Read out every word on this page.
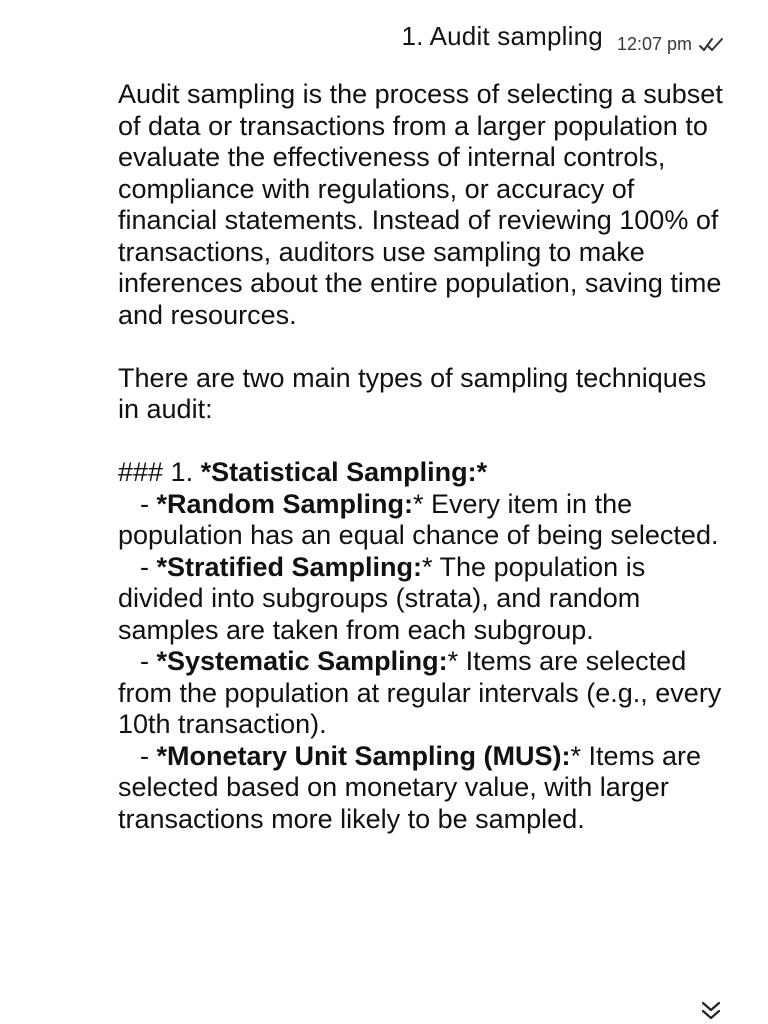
1. Audit sampling 12:07 pm

Audit sampling is the process of selecting a subset of data or transactions from a larger population to evaluate the effectiveness of internal controls, compliance with regulations, or accuracy of financial statements. Instead of reviewing 100% of transactions, auditors use sampling to make inferences about the entire population, saving time and resources.

There are two main types of sampling techniques in audit:

### 1. *Statistical Sampling:*

- *Random Sampling:* Every item in the population has an equal chance of being selected.

- *Stratified Sampling:* The population is divided into subgroups (strata), and random samples are taken from each subgroup.

- *Systematic Sampling:* Items are selected from the population at regular intervals (e.g., every 10th transaction).

- *Monetary Unit Sampling (MUS):* Items are selected based on monetary value, with larger transactions more likely to be sampled.
